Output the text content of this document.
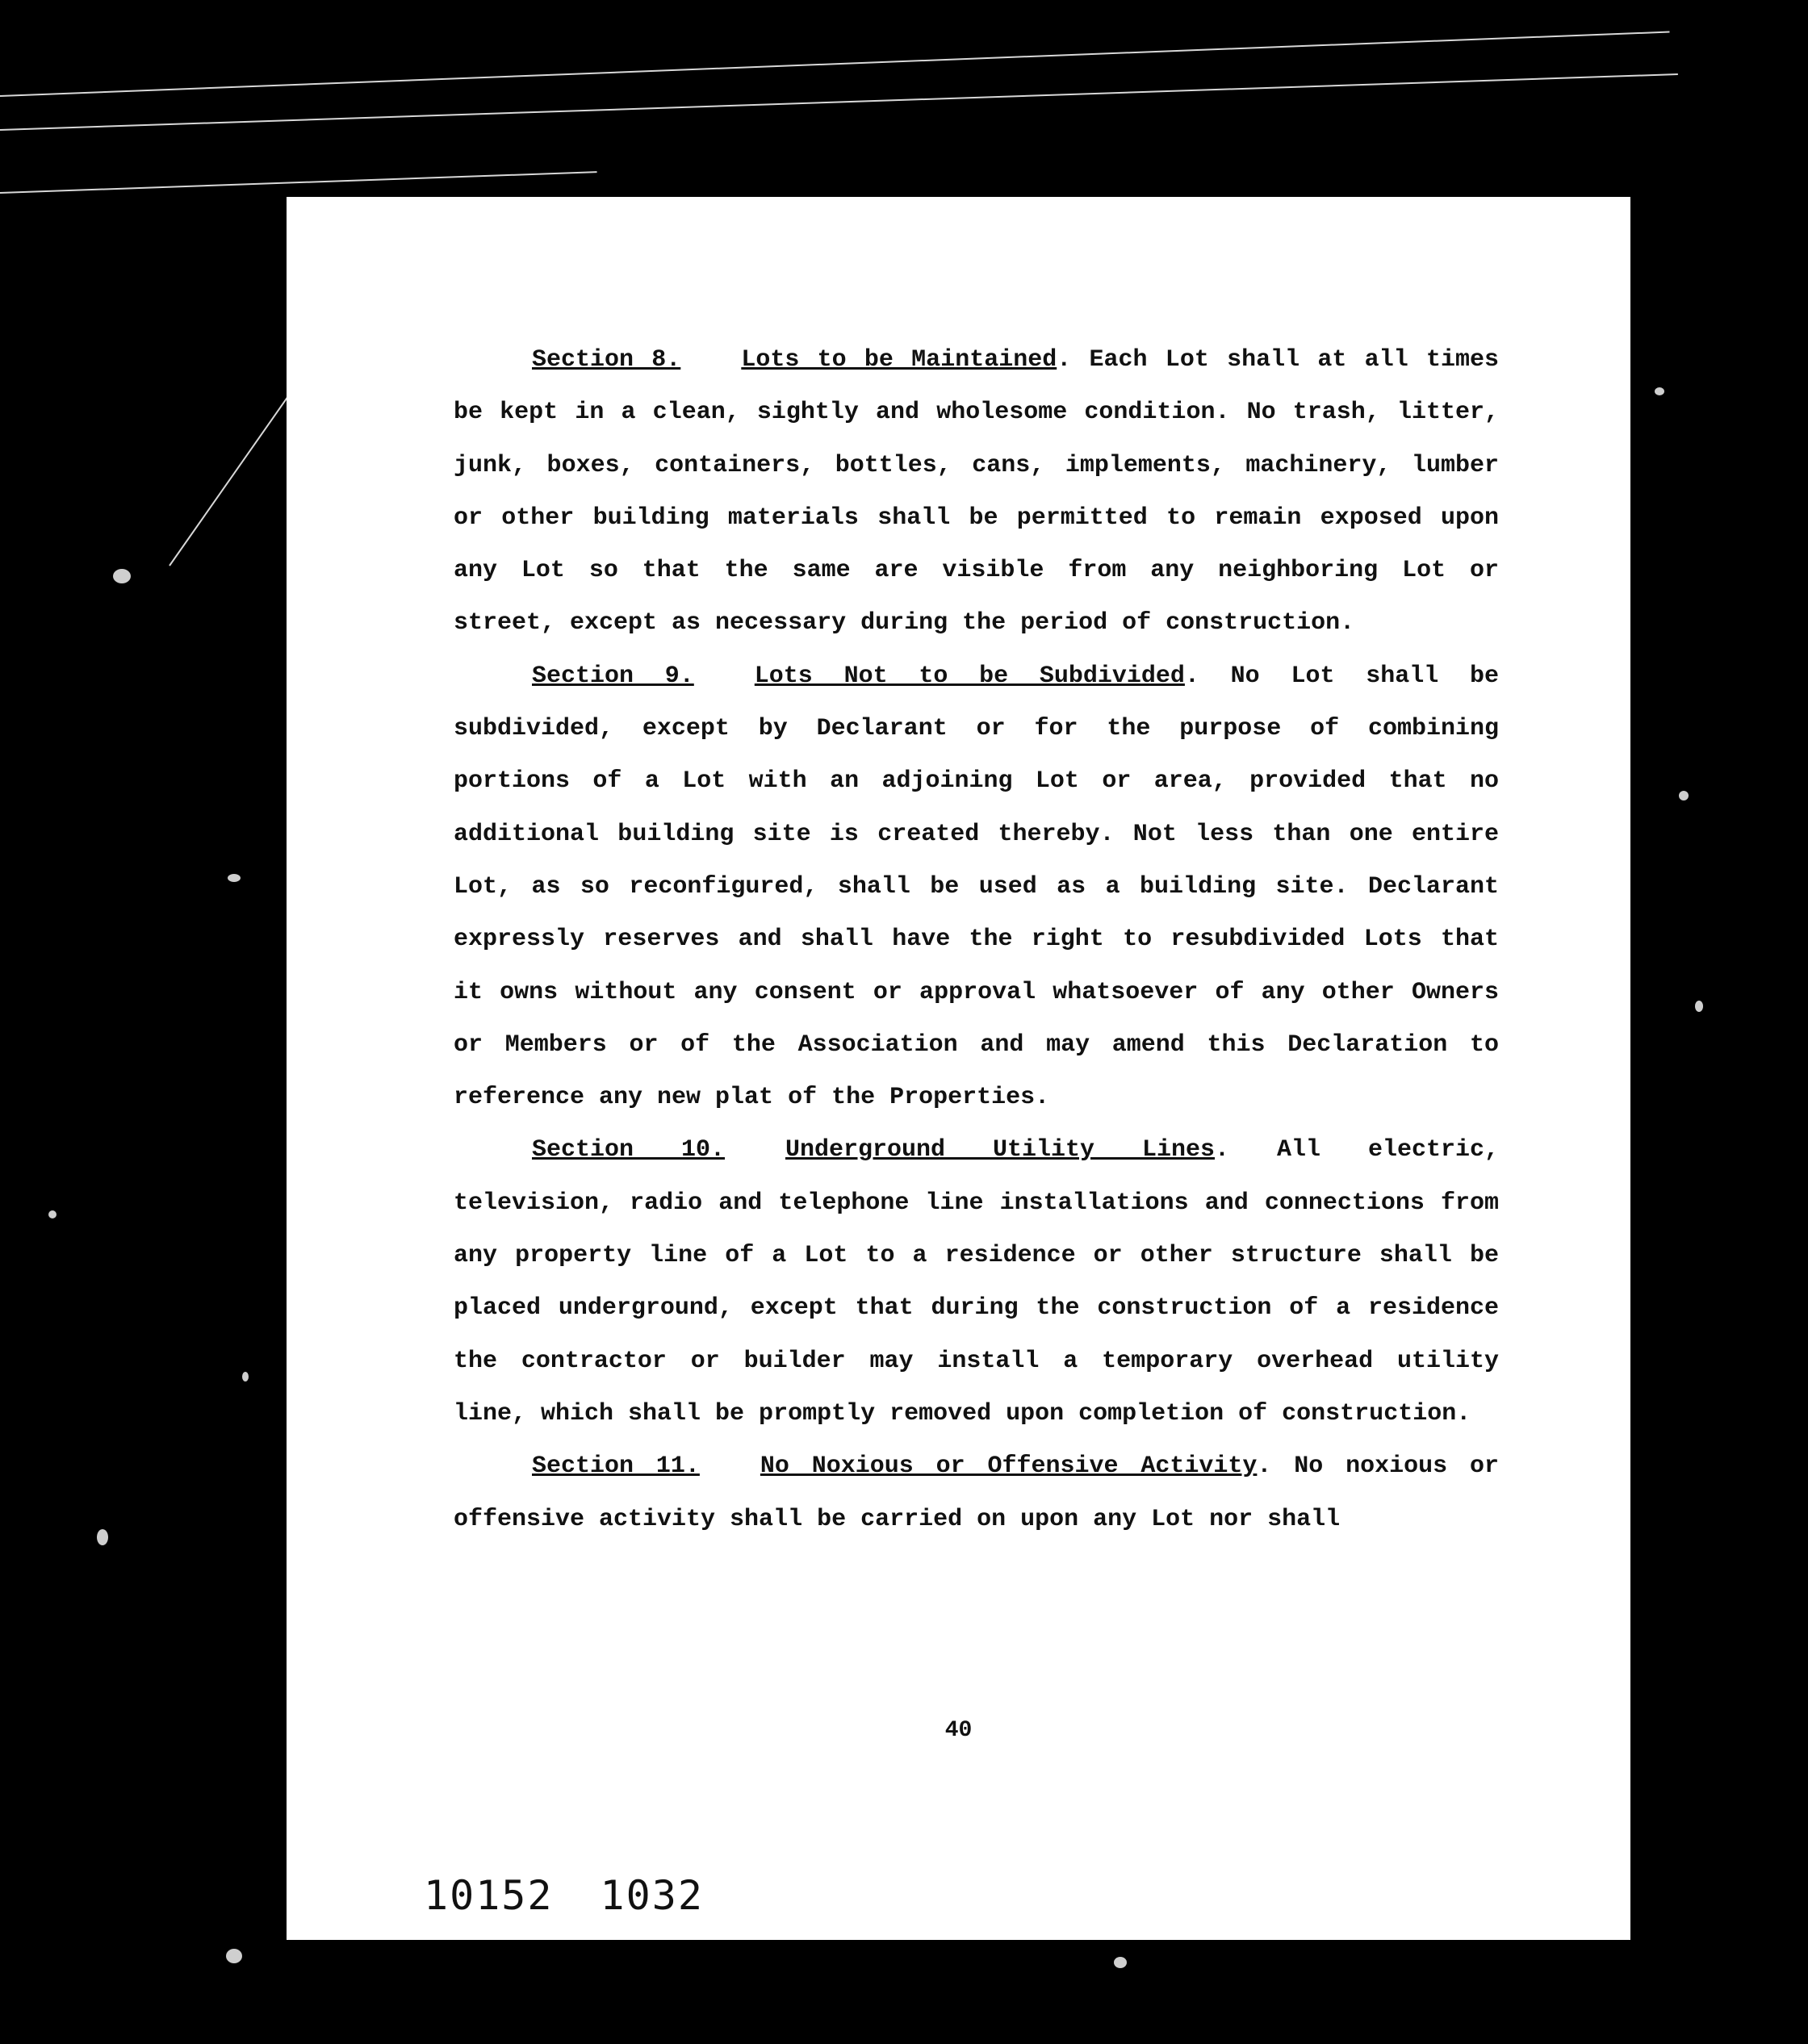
Section 8.	Lots to be Maintained. Each Lot shall at all times be kept in a clean, sightly and wholesome condition. No trash, litter, junk, boxes, containers, bottles, cans, implements, machinery, lumber or other building materials shall be permitted to remain exposed upon any Lot so that the same are visible from any neighboring Lot or street, except as necessary during the period of construction.

Section 9.	Lots Not to be Subdivided. No Lot shall be subdivided, except by Declarant or for the purpose of combining portions of a Lot with an adjoining Lot or area, provided that no additional building site is created thereby. Not less than one entire Lot, as so reconfigured, shall be used as a building site. Declarant expressly reserves and shall have the right to resubdivided Lots that it owns without any consent or approval whatsoever of any other Owners or Members or of the Association and may amend this Declaration to reference any new plat of the Properties.

Section 10.	Underground Utility Lines. All electric, television, radio and telephone line installations and connections from any property line of a Lot to a residence or other structure shall be placed underground, except that during the construction of a residence the contractor or builder may install a temporary overhead utility line, which shall be promptly removed upon completion of construction.

Section 11.	No Noxious or Offensive Activity. No noxious or offensive activity shall be carried on upon any Lot nor shall

40
10152 1032
